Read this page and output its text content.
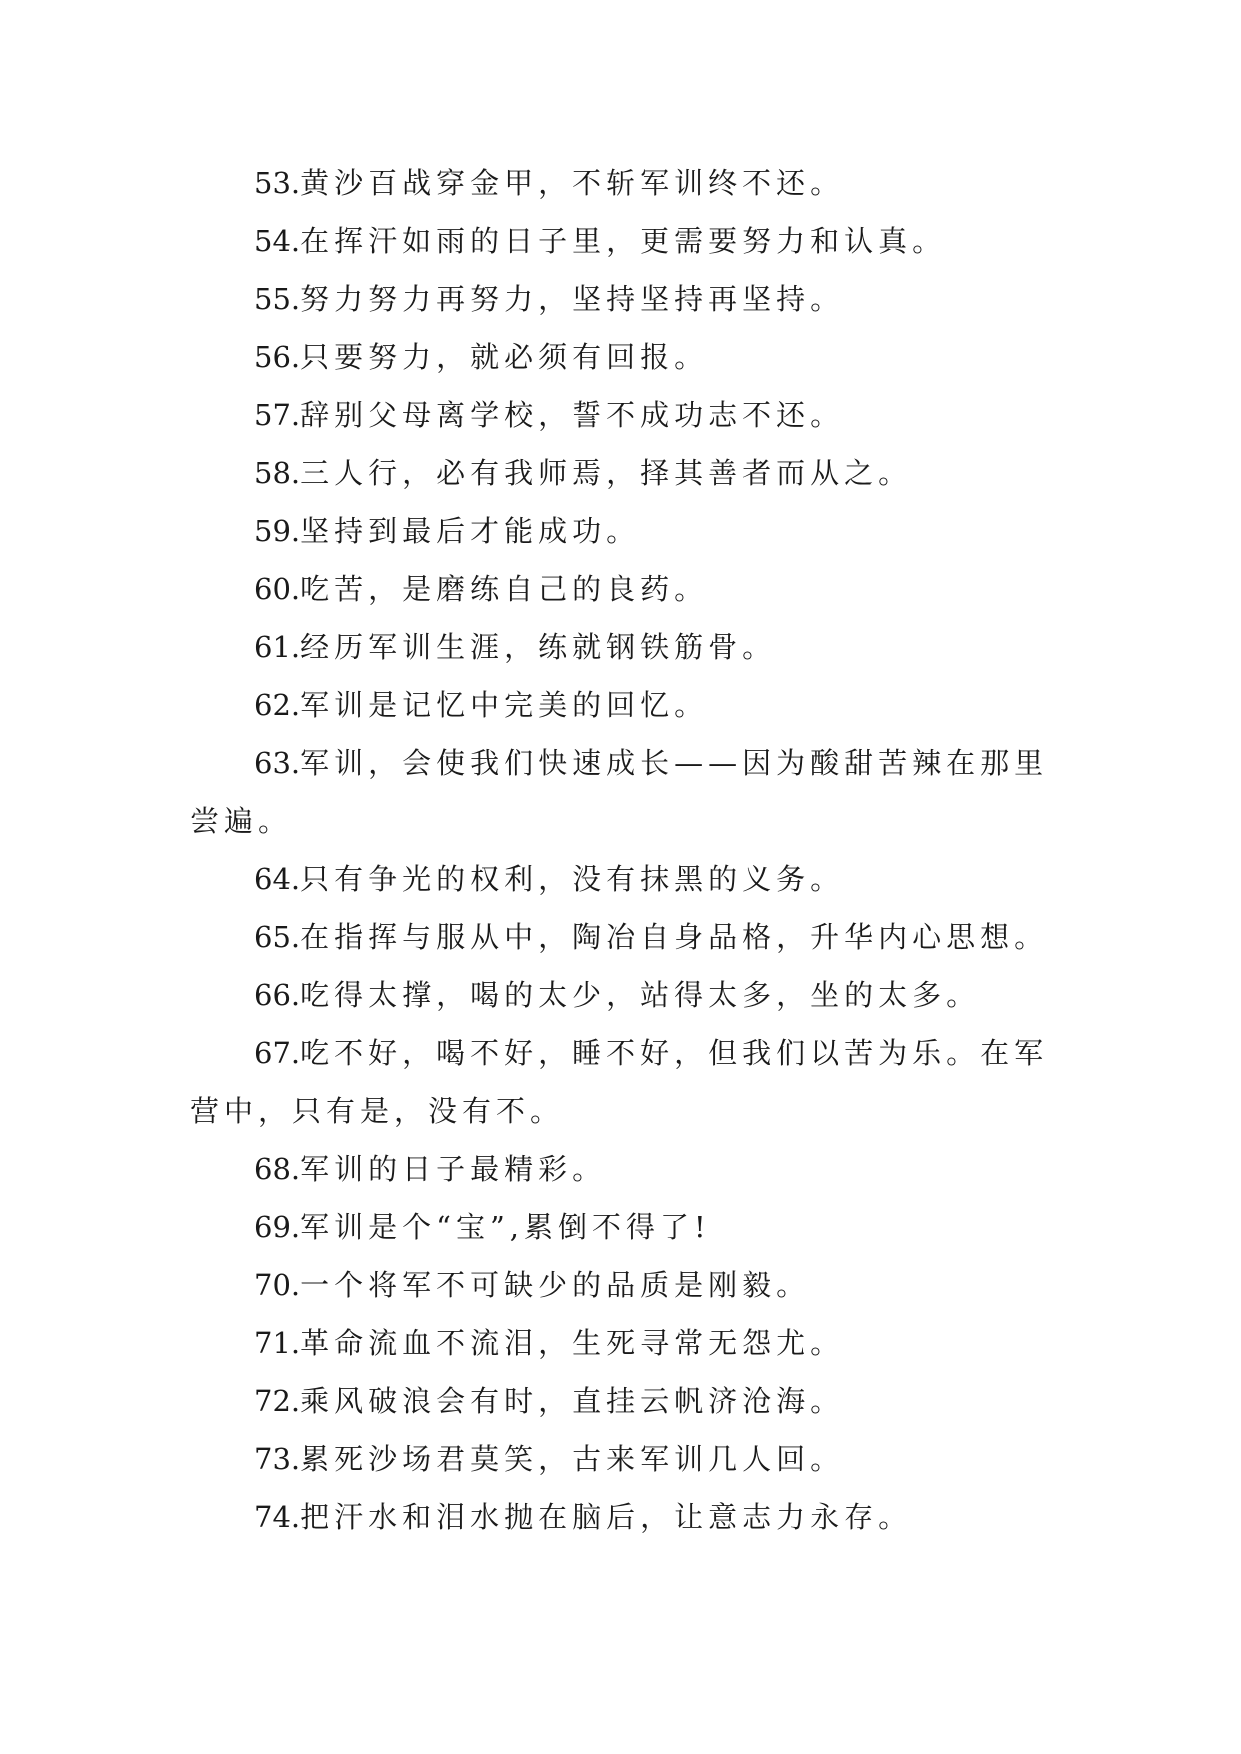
53.黄沙百战穿金甲，不斩军训终不还。

54.在挥汗如雨的日子里，更需要努力和认真。

55.努力努力再努力，坚持坚持再坚持。

56.只要努力，就必须有回报。

57.辞别父母离学校，誓不成功志不还。

58.三人行，必有我师焉，择其善者而从之。

59.坚持到最后才能成功。

60.吃苦，是磨练自己的良药。

61.经历军训生涯，练就钢铁筋骨。

62.军训是记忆中完美的回忆。

63.军训，会使我们快速成长——因为酸甜苦辣在那里尝遍。

64.只有争光的权利，没有抹黑的义务。

65.在指挥与服从中，陶冶自身品格，升华内心思想。

66.吃得太撑，喝的太少，站得太多，坐的太多。

67.吃不好，喝不好，睡不好，但我们以苦为乐。在军营中，只有是，没有不。

68.军训的日子最精彩。

69.军训是个“宝”,累倒不得了!

70.一个将军不可缺少的品质是刚毅。

71.革命流血不流泪，生死寻常无怨尤。

72.乘风破浪会有时，直挂云帆济沧海。

73.累死沙场君莫笑，古来军训几人回。

74.把汗水和泪水抛在脑后，让意志力永存。
